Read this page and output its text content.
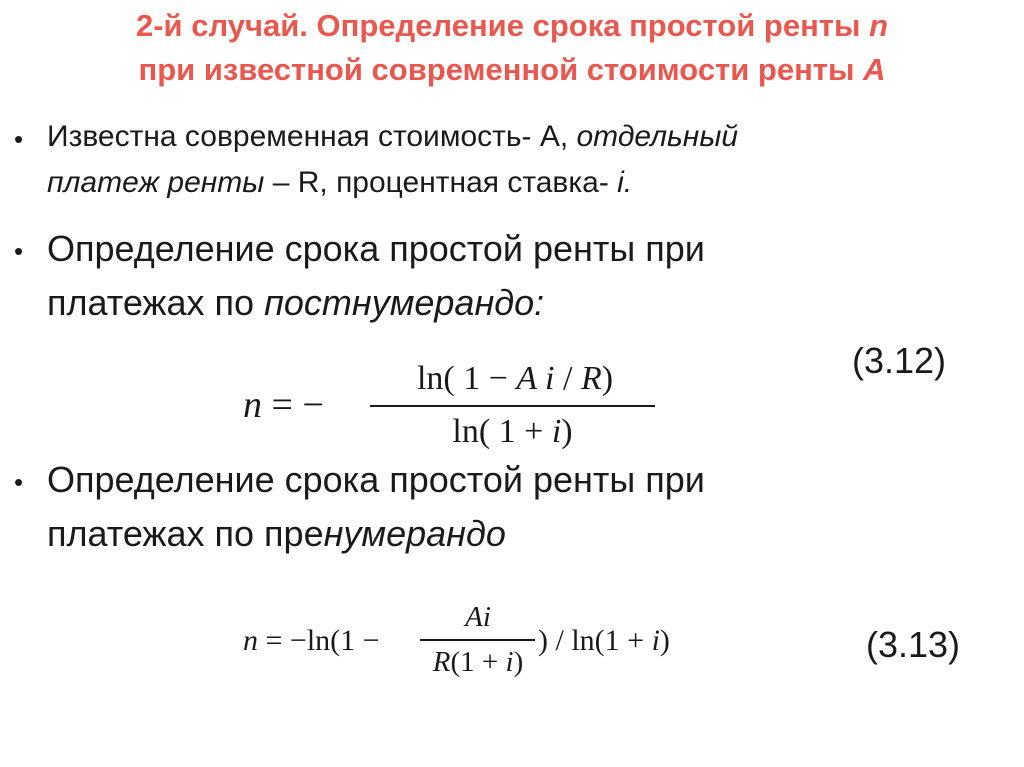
2-й случай. Определение срока простой ренты n
при известной современной стоимости ренты A
• Известна современная стоимость- А, отдельный
платеж ренты – R, процентная ставка- i.
• Определение срока простой ренты при
платежах по постнумерандо:
(3.12)
n = −
ln( 1 − A i / R)
ln( 1 + i)
• Определение срока простой ренты при
платежах по пренумерандо
n = −ln(1 −
Ai
R(1 + i)
) / ln(1 + i)	(3.13)
